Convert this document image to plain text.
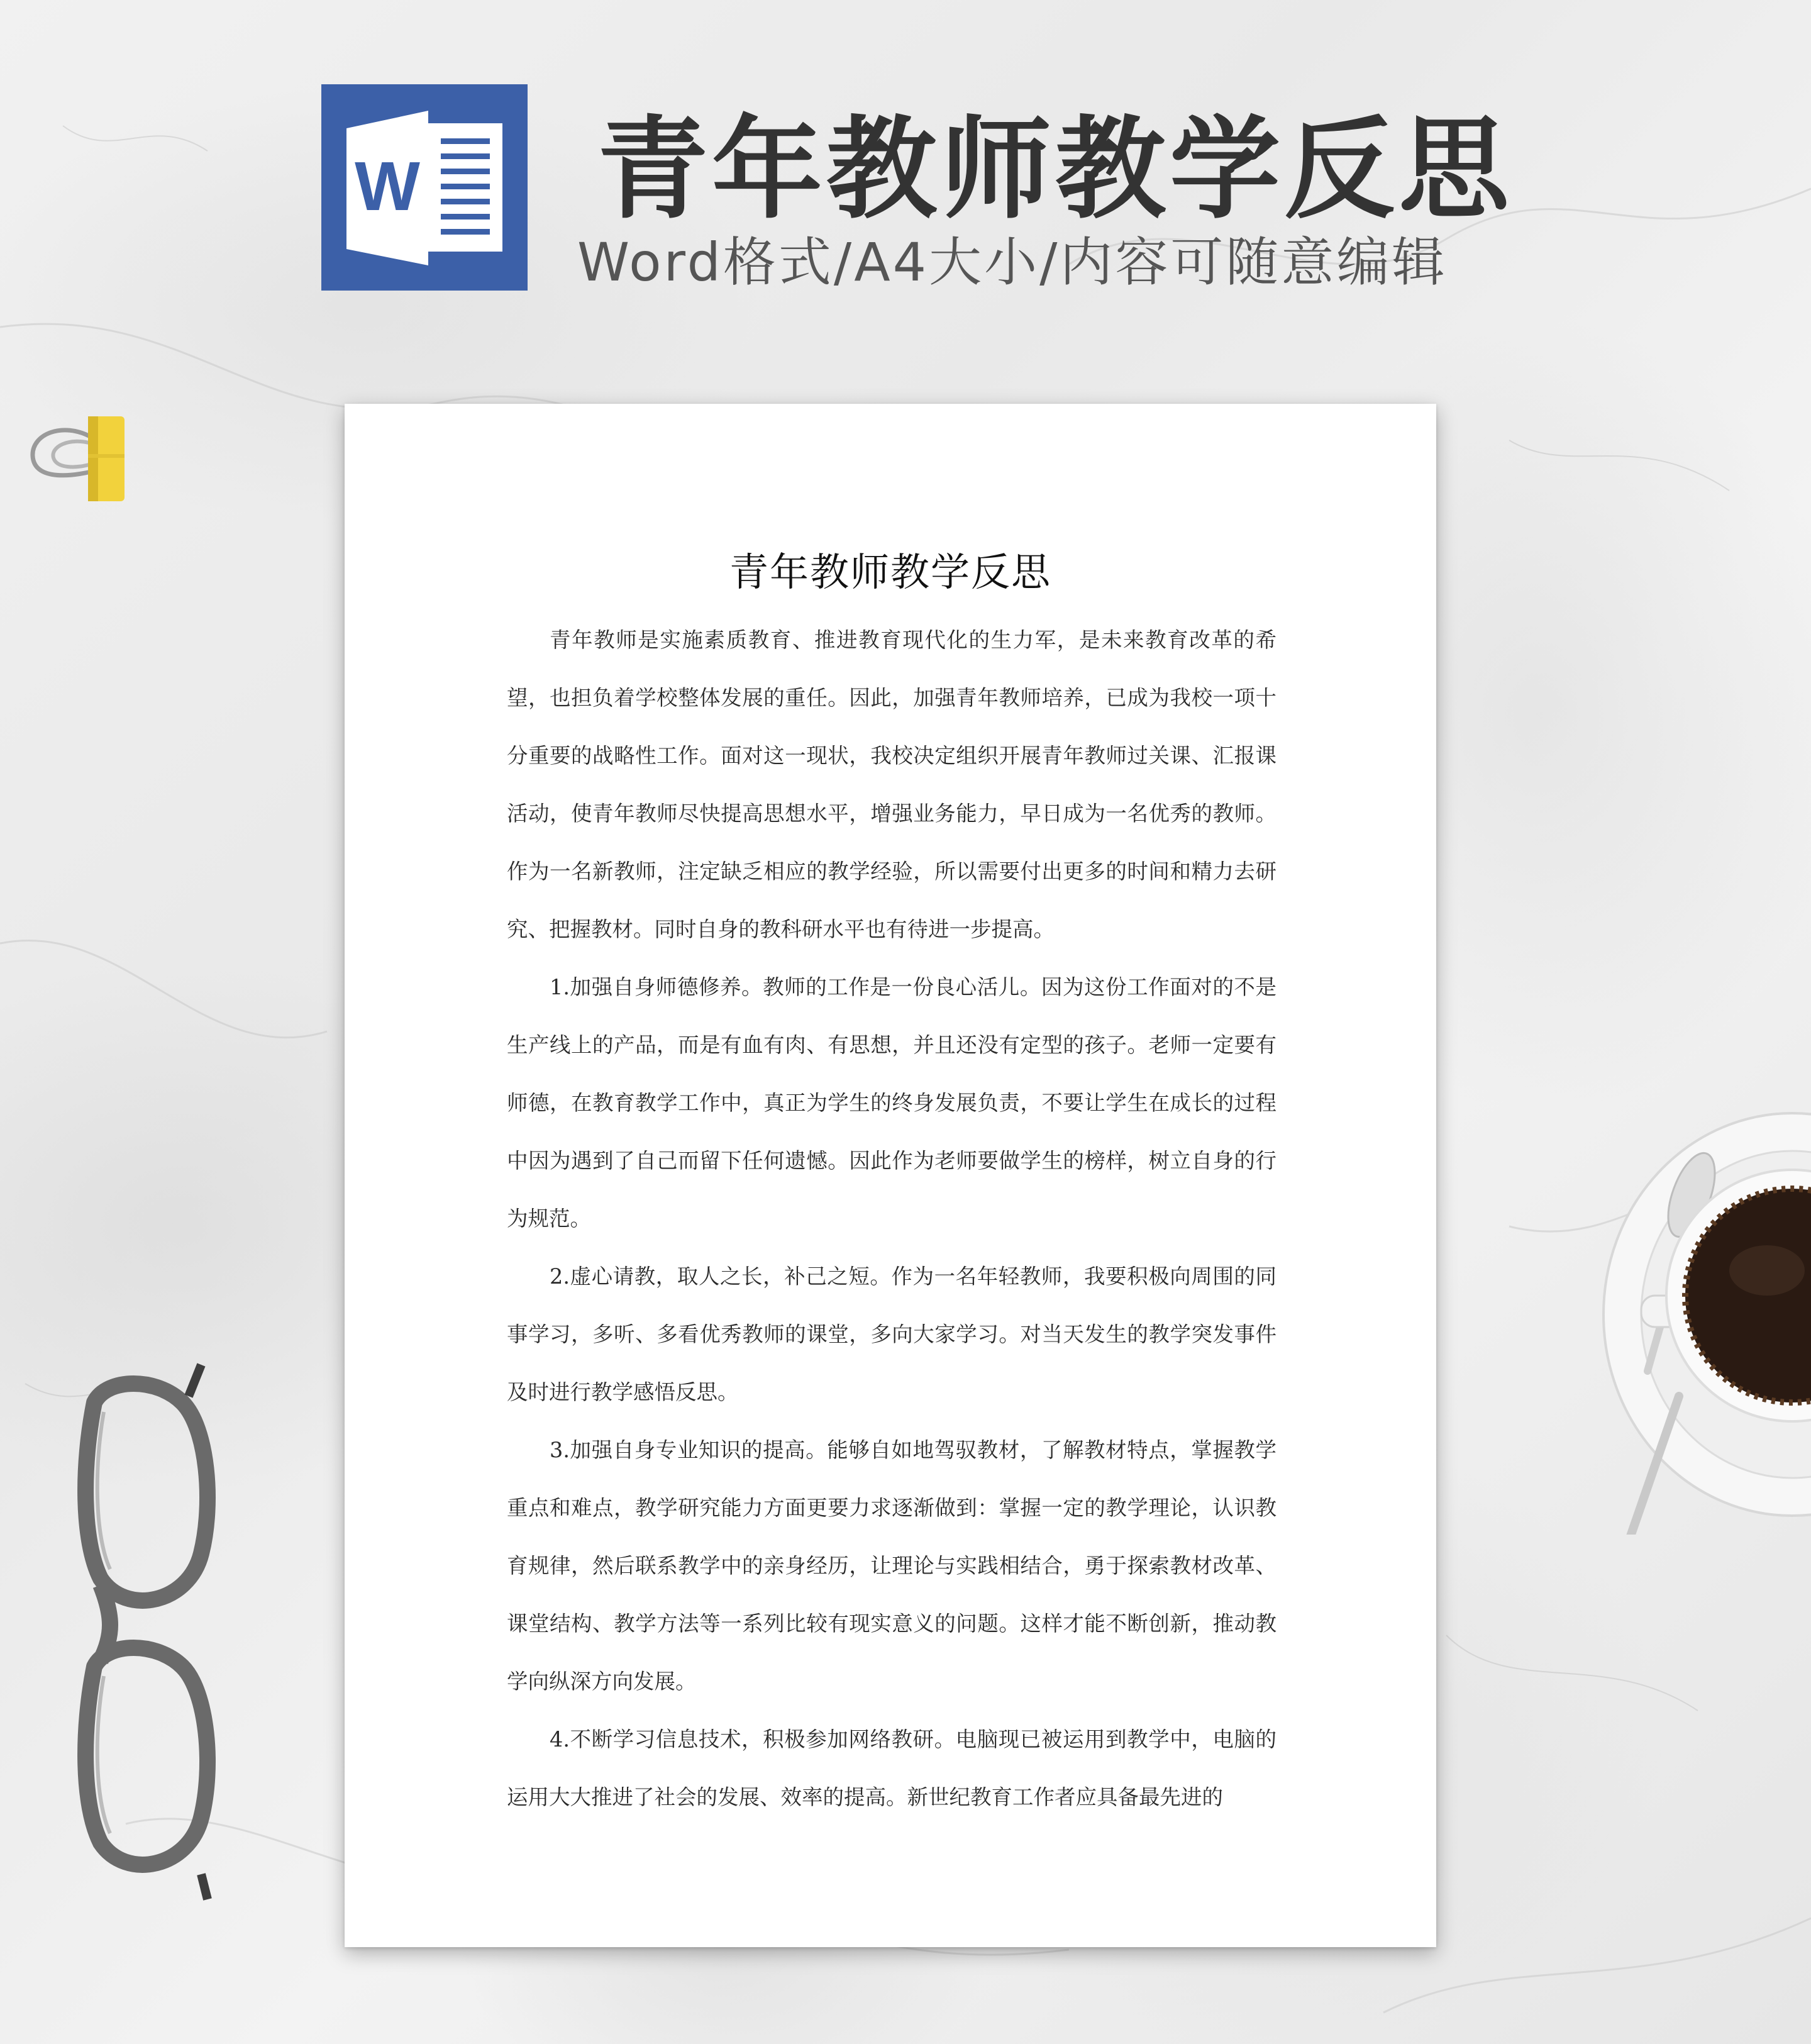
W 青年教师教学反思
Word格式/A4大小/内容可随意编辑
青年教师教学反思

青年教师是实施素质教育、推进教育现代化的生力军，是未来教育改革的希望，也担负着学校整体发展的重任。因此，加强青年教师培养，已成为我校一项十分重要的战略性工作。面对这一现状，我校决定组织开展青年教师过关课、汇报课活动，使青年教师尽快提高思想水平，增强业务能力，早日成为一名优秀的教师。作为一名新教师，注定缺乏相应的教学经验，所以需要付出更多的时间和精力去研究、把握教材。同时自身的教科研水平也有待进一步提高。

1.加强自身师德修养。教师的工作是一份良心活儿。因为这份工作面对的不是生产线上的产品，而是有血有肉、有思想，并且还没有定型的孩子。老师一定要有师德，在教育教学工作中，真正为学生的终身发展负责，不要让学生在成长的过程中因为遇到了自己而留下任何遗憾。因此作为老师要做学生的榜样，树立自身的行为规范。

2.虚心请教，取人之长，补己之短。作为一名年轻教师，我要积极向周围的同事学习，多听、多看优秀教师的课堂，多向大家学习。对当天发生的教学突发事件及时进行教学感悟反思。

3.加强自身专业知识的提高。能够自如地驾驭教材，了解教材特点，掌握教学重点和难点，教学研究能力方面更要力求逐渐做到：掌握一定的教学理论，认识教育规律，然后联系教学中的亲身经历，让理论与实践相结合，勇于探索教材改革、课堂结构、教学方法等一系列比较有现实意义的问题。这样才能不断创新，推动教学向纵深方向发展。

4.不断学习信息技术，积极参加网络教研。电脑现已被运用到教学中，电脑的运用大大推进了社会的发展、效率的提高。新世纪教育工作者应具备最先进的
